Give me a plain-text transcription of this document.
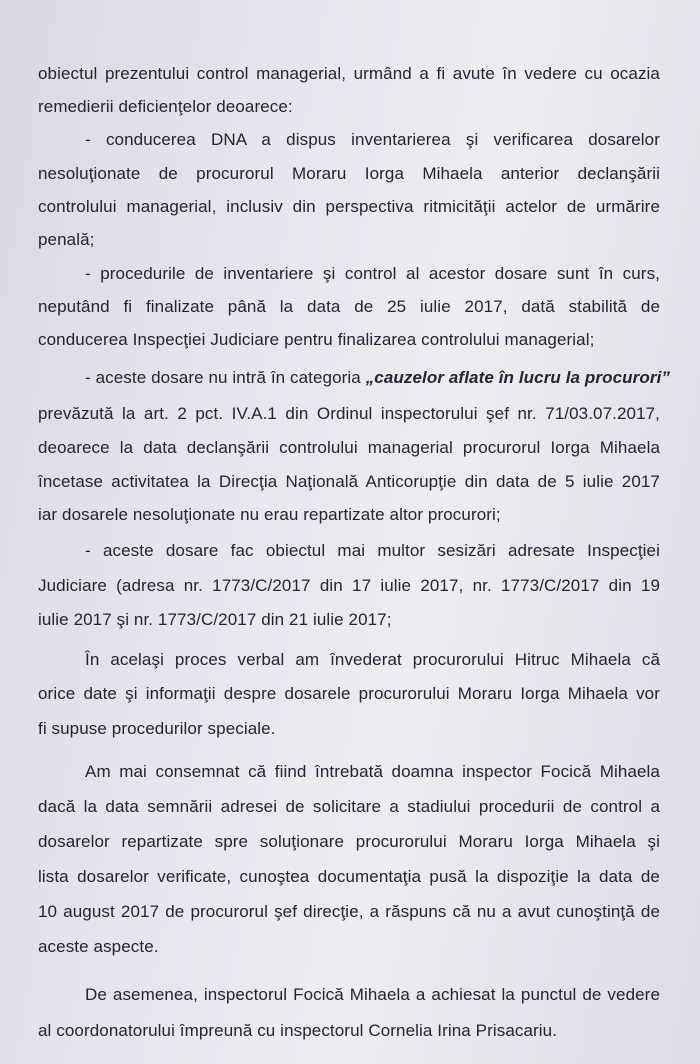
obiectul prezentului control managerial, urmând a fi avute în vedere cu ocazia
remedierii deficienţelor deoarece:
- conducerea DNA a dispus inventarierea şi verificarea dosarelor
nesoluţionate de procurorul Moraru Iorga Mihaela anterior declanşării
controlului managerial, inclusiv din perspectiva ritmicităţii actelor de urmărire
penală;
- procedurile de inventariere şi control al acestor dosare sunt în curs,
neputând fi finalizate până la data de 25 iulie 2017, dată stabilită de
conducerea Inspecţiei Judiciare pentru finalizarea controlului managerial;
- aceste dosare nu intră în categoria „cauzelor aflate în lucru la procurori”
prevăzută la art. 2 pct. IV.A.1 din Ordinul inspectorului şef nr. 71/03.07.2017,
deoarece la data declanşării controlului managerial procurorul Iorga Mihaela
încetase activitatea la Direcţia Naţională Anticorupţie din data de 5 iulie 2017
iar dosarele nesoluţionate nu erau repartizate altor procurori;
- aceste dosare fac obiectul mai multor sesizări adresate Inspecţiei
Judiciare (adresa nr. 1773/C/2017 din 17 iulie 2017, nr. 1773/C/2017 din 19
iulie 2017 şi nr. 1773/C/2017 din 21 iulie 2017;
În acelaşi proces verbal am învederat procurorului Hitruc Mihaela că
orice date şi informaţii despre dosarele procurorului Moraru Iorga Mihaela vor
fi supuse procedurilor speciale.
Am mai consemnat că fiind întrebată doamna inspector Focică Mihaela
dacă la data semnării adresei de solicitare a stadiului procedurii de control a
dosarelor repartizate spre soluţionare procurorului Moraru Iorga Mihaela şi
lista dosarelor verificate, cunoştea documentaţia pusă la dispoziţie la data de
10 august 2017 de procurorul şef direcţie, a răspuns că nu a avut cunoştinţă de
aceste aspecte.
De asemenea, inspectorul Focică Mihaela a achiesat la punctul de vedere
al coordonatorului împreună cu inspectorul Cornelia Irina Prisacariu.
